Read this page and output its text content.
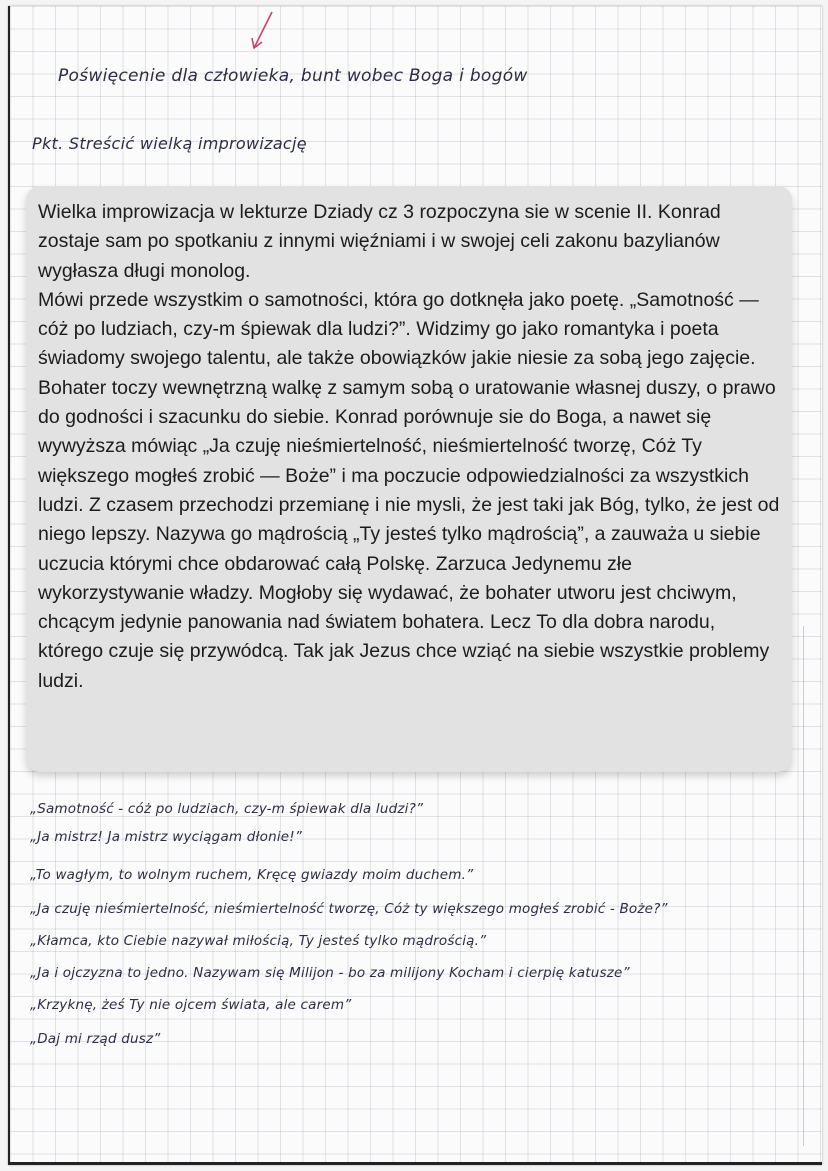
Poświęcenie dla człowieka, bunt wobec Boga i bogów
Pkt. Streścić wielką improwizację

Wielka improwizacja w lekturze Dziady cz 3 rozpoczyna sie w scenie II. Konrad zostaje sam po spotkaniu z innymi więźniami i w swojej celi zakonu bazylianów wygłasza długi monolog.

Mówi przede wszystkim o samotności, która go dotknęła jako poetę. „Samotność — cóż po ludziach, czy-m śpiewak dla ludzi?”. Widzimy go jako romantyka i poeta świadomy swojego talentu, ale także obowiązków jakie niesie za sobą jego zajęcie.

Bohater toczy wewnętrzną walkę z samym sobą o uratowanie własnej duszy, o prawo do godności i szacunku do siebie. Konrad porównuje sie do Boga, a nawet się wywyższa mówiąc „Ja czuję nieśmiertelność, nieśmiertelność tworzę, Cóż Ty większego mogłeś zrobić — Boże” i ma poczucie odpowiedzialności za wszystkich ludzi. Z czasem przechodzi przemianę i nie mysli, że jest taki jak Bóg, tylko, że jest od niego lepszy. Nazywa go mądrością „Ty jesteś tylko mądrością”, a zauważa u siebie uczucia którymi chce obdarować całą Polskę. Zarzuca Jedynemu złe wykorzystywanie władzy. Mogłoby się wydawać, że bohater utworu jest chciwym, chcącym jedynie panowania nad światem bohatera. Lecz To dla dobra narodu, którego czuje się przywódcą. Tak jak Jezus chce wziąć na siebie wszystkie problemy ludzi.

„Samotność - cóż po ludziach, czy-m śpiewak dla ludzi?”
„Ja mistrz! Ja mistrz wyciągam dłonie!”
„To wagłym, to wolnym ruchem, Kręcę gwiazdy moim duchem.”
„Ja czuję nieśmiertelność, nieśmiertelność tworzę, Cóż ty większego mogłeś zrobić - Boże?”
„Kłamca, kto Ciebie nazywał miłością, Ty jesteś tylko mądrością.”
„Ja i ojczyzna to jedno. Nazywam się Milijon - bo za milijony Kocham i cierpię katusze”
„Krzyknę, żeś Ty nie ojcem świata, ale carem”
„Daj mi rząd dusz”
